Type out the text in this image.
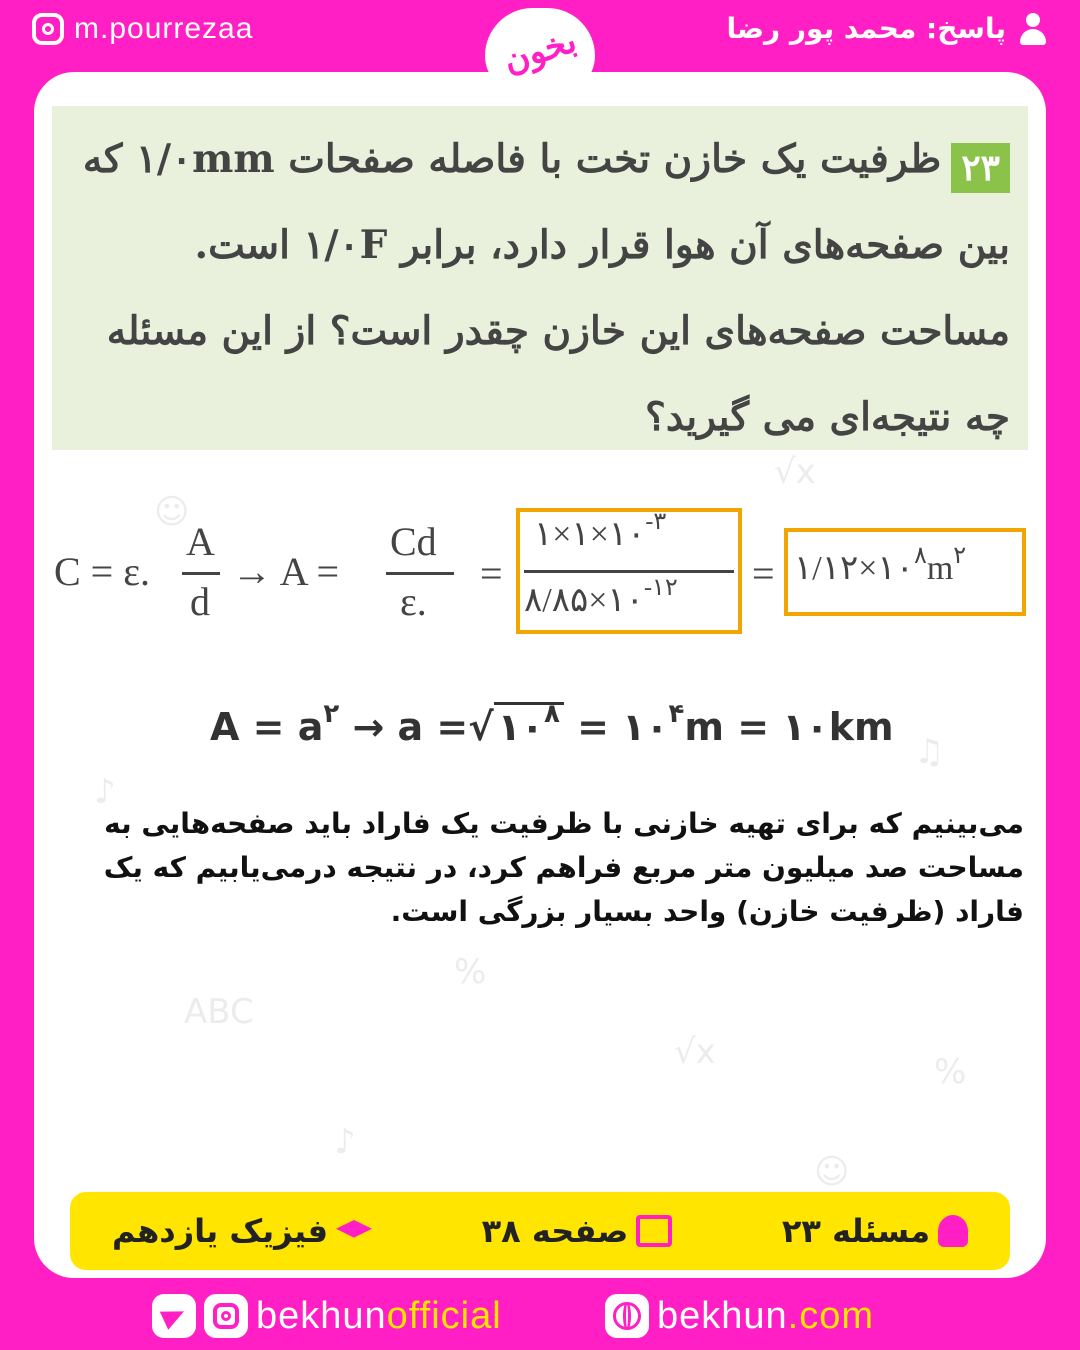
m.pourrezaa	پاسخ: محمد پور رضا
☺
√x
♪
♫
%
ABC
√x	%
♪
☺
۲۳ظرفیت یک خازن تخت با فاصله صفحات ۱/۰mm که بین صفحه‌های آن هوا قرار دارد، برابر ۱/۰F است. مساحت صفحه‌های این خازن چقدر است؟ از این مسئله چه نتیجه‌ای می گیرید؟
C = ε.
A
d
→ A =
Cd
ε.
=
$۱\times ۱\times ۱۰^{-۳}$
$۸/۸۵\times ۱۰^{-۱۲}$ = $۱/۱۲\times ۱۰^۸m^۲$
$A = a^۲ \to a$ =√ $۱۰^۸$ = $۱۰^۴m$ = ۱۰km
می‌بینیم که برای تهیه خازنی با ظرفیت یک فاراد باید صفحه‌هایی به مساحت صد میلیون متر مربع فراهم کرد، در نتیجه درمی‌یابیم که یک فاراد (ظرفیت خازن) واحد بسیار بزرگی است.
بخون
مسئله ۲۳
صفحه ۳۸
فیزیک یازدهم
bekhunofficial	bekhun.com
